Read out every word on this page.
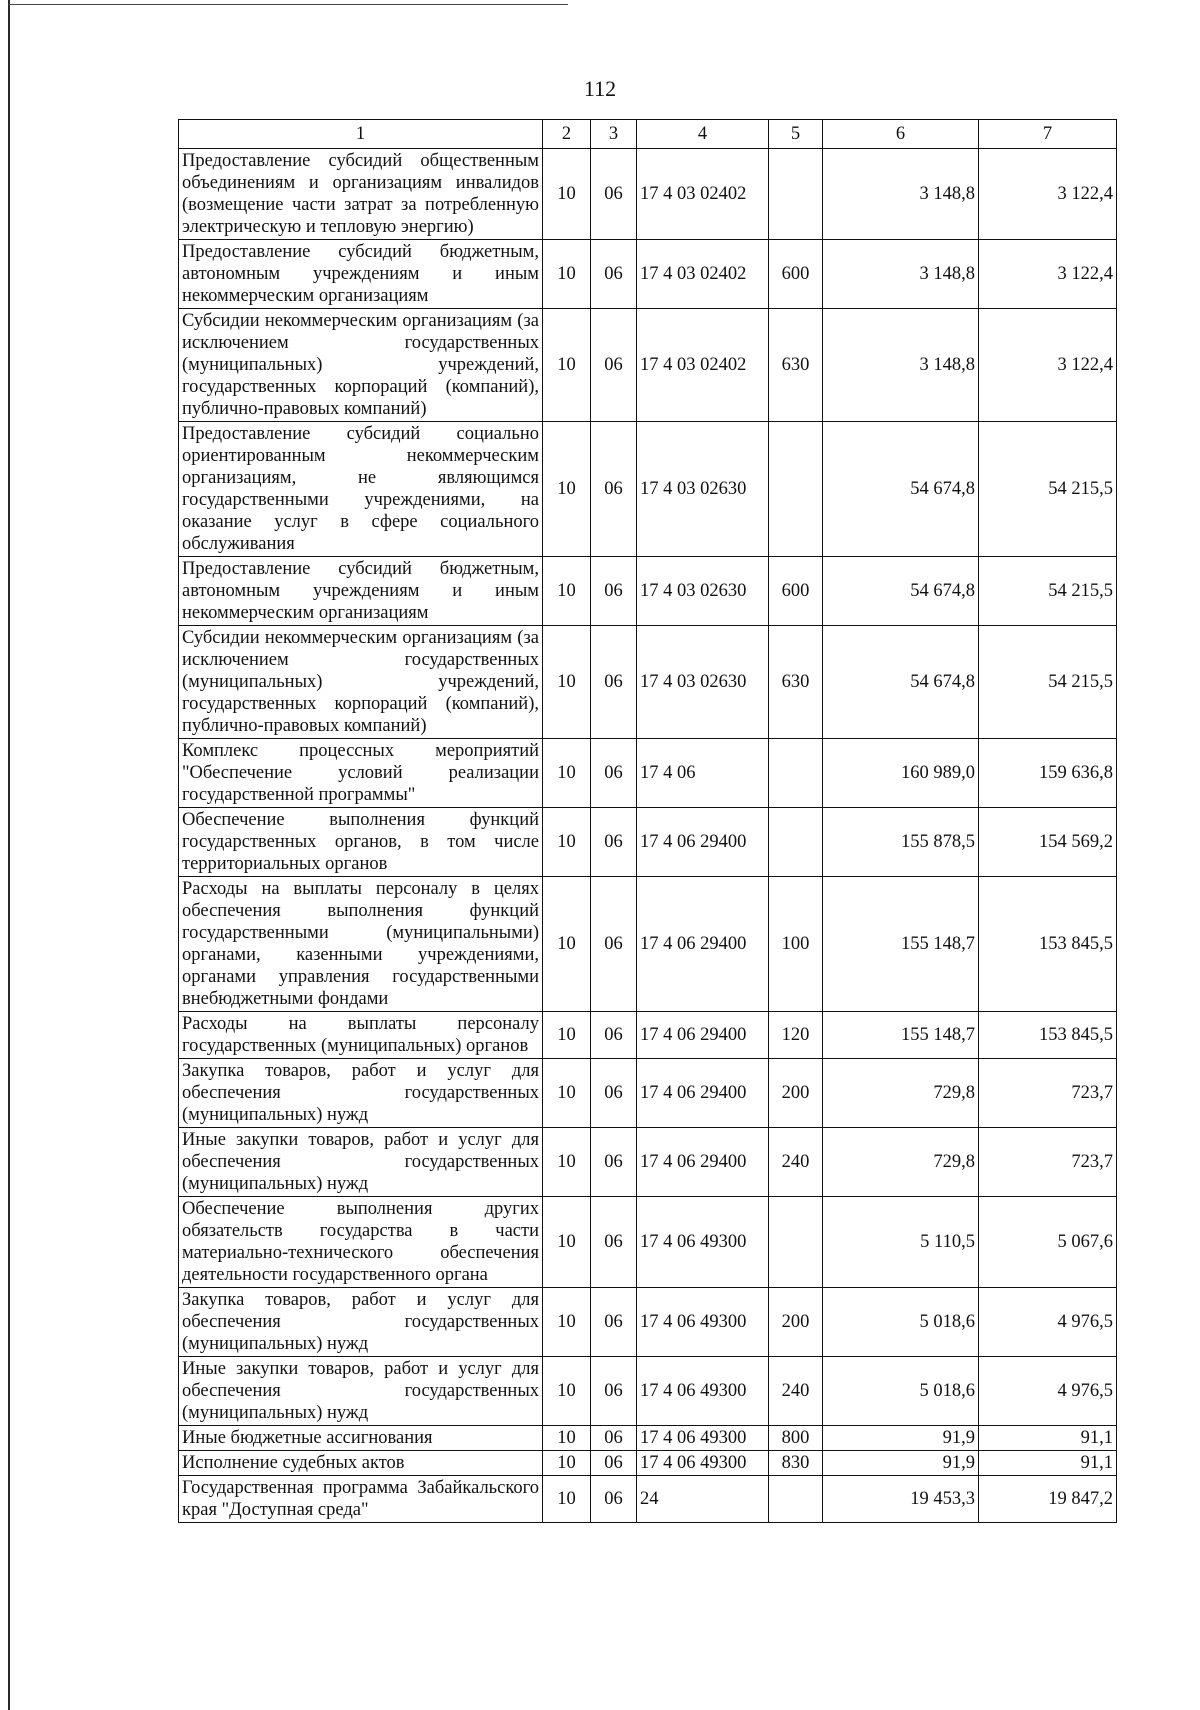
112
1	2	3	4	5	6	7
Предоставление субсидий общественным объединениям и организациям инвалидов (возмещение части затрат за потребленную электрическую и тепловую энергию)	10	06	17 4 03 02402		3 148,8	3 122,4
Предоставление субсидий бюджетным, автономным учреждениям и иным некоммерческим организациям	10	06	17 4 03 02402	600	3 148,8	3 122,4
Субсидии некоммерческим организациям (за исключением государственных (муниципальных) учреждений, государственных корпораций (компаний), публично-правовых компаний)	10	06	17 4 03 02402	630	3 148,8	3 122,4
Предоставление субсидий социально ориентированным некоммерческим организациям, не являющимся государственными учреждениями, на оказание услуг в сфере социального обслуживания	10	06	17 4 03 02630		54 674,8	54 215,5
Предоставление субсидий бюджетным, автономным учреждениям и иным некоммерческим организациям	10	06	17 4 03 02630	600	54 674,8	54 215,5
Субсидии некоммерческим организациям (за исключением государственных (муниципальных) учреждений, государственных корпораций (компаний), публично-правовых компаний)	10	06	17 4 03 02630	630	54 674,8	54 215,5
Комплекс процессных мероприятий "Обеспечение условий реализации государственной программы"	10	06	17 4 06		160 989,0	159 636,8
Обеспечение выполнения функций государственных органов, в том числе территориальных органов	10	06	17 4 06 29400		155 878,5	154 569,2
Расходы на выплаты персоналу в целях обеспечения выполнения функций государственными (муниципальными) органами, казенными учреждениями, органами управления государственными внебюджетными фондами	10	06	17 4 06 29400	100	155 148,7	153 845,5
Расходы на выплаты персоналу государственных (муниципальных) органов	10	06	17 4 06 29400	120	155 148,7	153 845,5
Закупка товаров, работ и услуг для обеспечения государственных (муниципальных) нужд	10	06	17 4 06 29400	200	729,8	723,7
Иные закупки товаров, работ и услуг для обеспечения государственных (муниципальных) нужд	10	06	17 4 06 29400	240	729,8	723,7
Обеспечение выполнения других обязательств государства в части материально-технического обеспечения деятельности государственного органа	10	06	17 4 06 49300		5 110,5	5 067,6
Закупка товаров, работ и услуг для обеспечения государственных (муниципальных) нужд	10	06	17 4 06 49300	200	5 018,6	4 976,5
Иные закупки товаров, работ и услуг для обеспечения государственных (муниципальных) нужд	10	06	17 4 06 49300	240	5 018,6	4 976,5
Иные бюджетные ассигнования	10	06	17 4 06 49300	800	91,9	91,1
Исполнение судебных актов	10	06	17 4 06 49300	830	91,9	91,1
Государственная программа Забайкальского края "Доступная среда"	10	06	24		19 453,3	19 847,2
